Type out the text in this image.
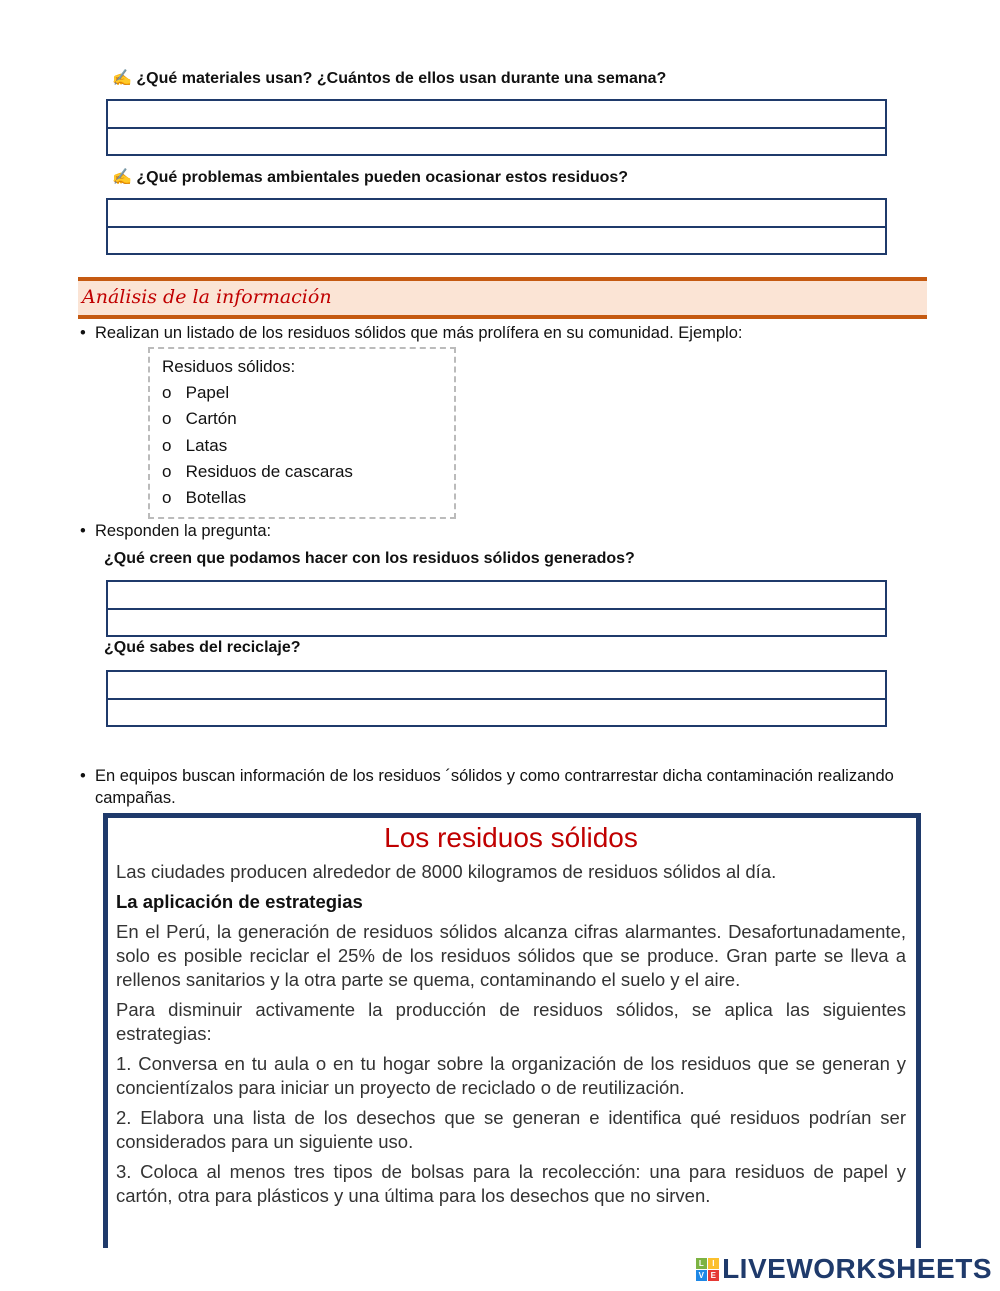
✍ ¿Qué materiales usan? ¿Cuántos de ellos usan durante una semana?
✍ ¿Qué problemas ambientales pueden ocasionar estos residuos?
Análisis de la información
•  Realizan un listado de los residuos sólidos que más prolífera en su comunidad. Ejemplo:
Residuos sólidos:
o Papel
o Cartón
o Latas
o Residuos de cascaras
o Botellas
•  Responden la pregunta:
¿Qué creen que podamos hacer con los residuos sólidos generados?
¿Qué sabes del reciclaje?
• En equipos buscan información de los residuos ´sólidos y como contrarrestar dicha contaminación realizando campañas.
Los residuos sólidos

Las ciudades producen alrededor de 8000 kilogramos de residuos sólidos al día.

La aplicación de estrategias

En el Perú, la generación de residuos sólidos alcanza cifras alarmantes. Desafortunadamente, solo es posible reciclar el 25% de los residuos sólidos que se produce. Gran parte se lleva a rellenos sanitarios y la otra parte se quema, contaminando el suelo y el aire.

Para disminuir activamente la producción de residuos sólidos, se aplica las siguientes estrategias:

1. Conversa en tu aula o en tu hogar sobre la organización de los residuos que se generan y concientízalos para iniciar un proyecto de reciclado o de reutilización.

2. Elabora una lista de los desechos que se generan e identifica qué residuos podrían ser considerados para un siguiente uso.

3. Coloca al menos tres tipos de bolsas para la recolección: una para residuos de papel y cartón, otra para plásticos y una última para los desechos que no sirven.

L I
V E LIVEWORKSHEETS
